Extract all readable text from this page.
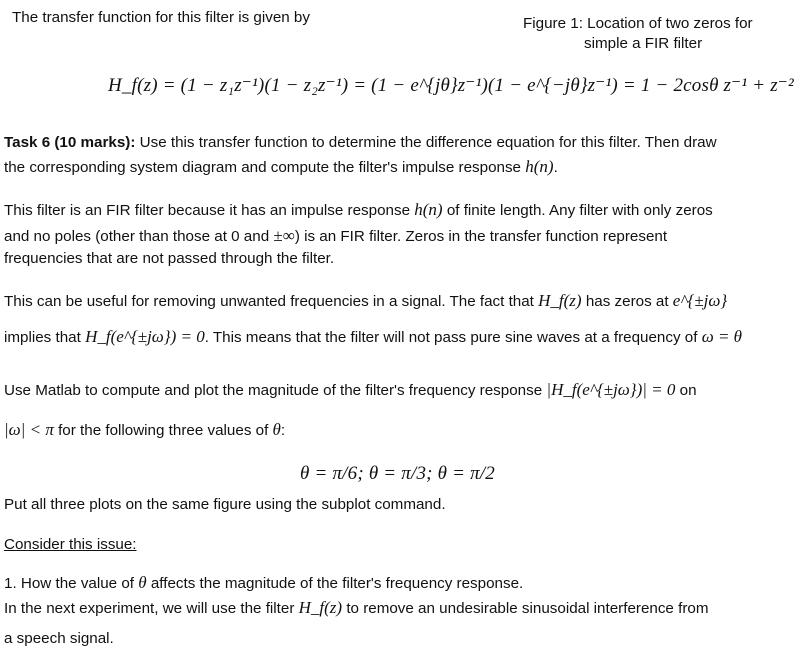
The transfer function for this filter is given by	Figure 1: Location of two zeros for
simple a FIR filter
H_f(z) = (1 − z₁z⁻¹)(1 − z₂z⁻¹) = (1 − e^{jθ}z⁻¹)(1 − e^{−jθ}z⁻¹) = 1 − 2cosθ z⁻¹ + z⁻²
Task 6 (10 marks): Use this transfer function to determine the difference equation for this filter. Then draw
the corresponding system diagram and compute the filter's impulse response h(n).
This filter is an FIR filter because it has an impulse response h(n) of finite length. Any filter with only zeros
and no poles (other than those at 0 and ±∞) is an FIR filter. Zeros in the transfer function represent
frequencies that are not passed through the filter.
This can be useful for removing unwanted frequencies in a signal. The fact that H_f(z) has zeros at e^{±jω}
implies that H_f(e^{±jω}) = 0. This means that the filter will not pass pure sine waves at a frequency of ω = θ
Use Matlab to compute and plot the magnitude of the filter's frequency response |H_f(e^{±jω})| = 0 on
|ω| < π for the following three values of θ:
θ = π/6; θ = π/3; θ = π/2
Put all three plots on the same figure using the subplot command.
Consider this issue:
1. How the value of θ affects the magnitude of the filter's frequency response.
In the next experiment, we will use the filter H_f(z) to remove an undesirable sinusoidal interference from
a speech signal.
